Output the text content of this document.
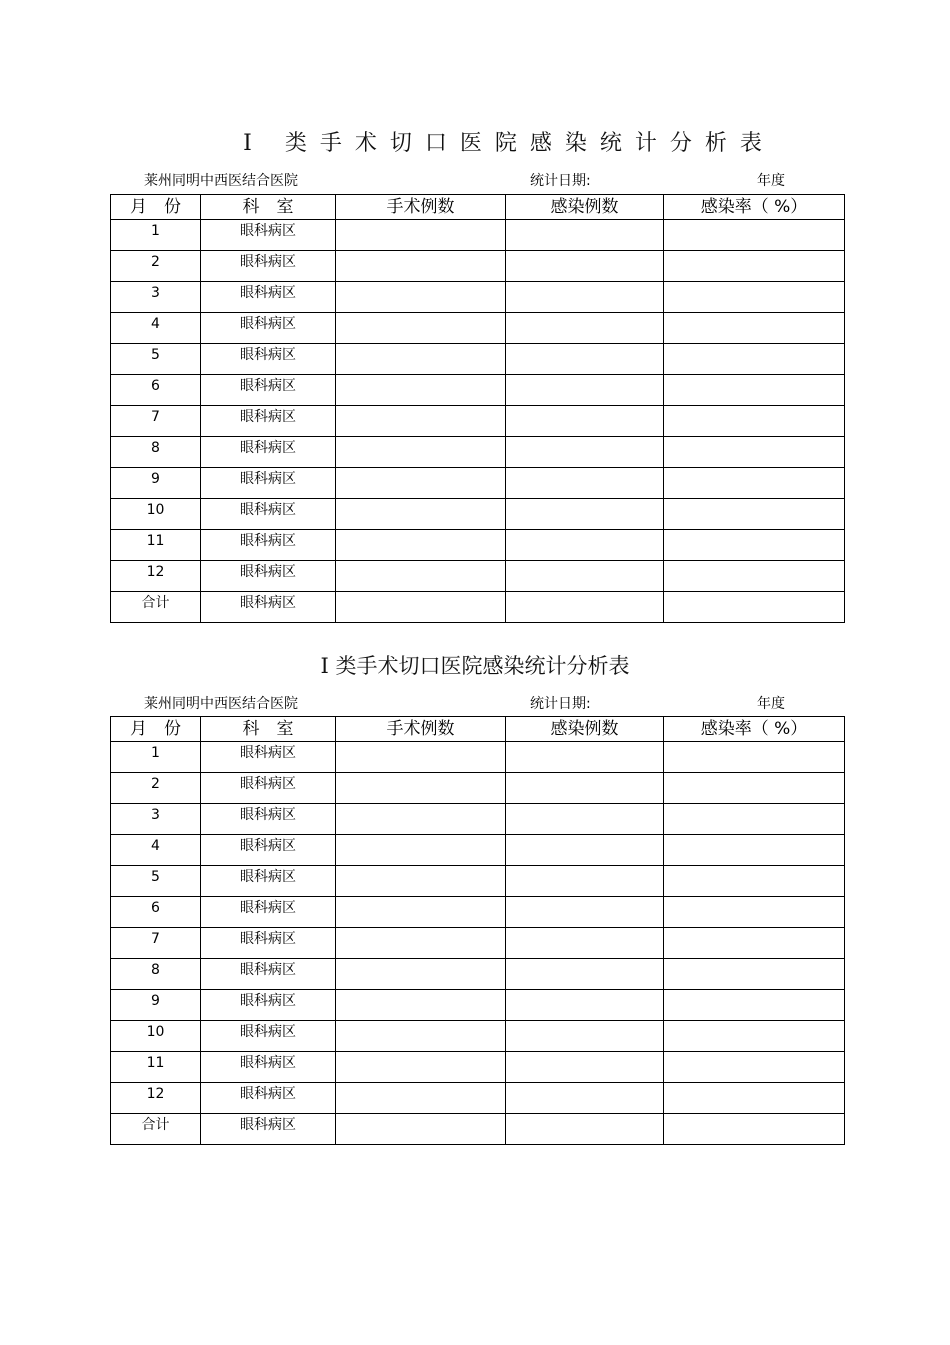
I 类手术切口医院感染统计分析表
莱州同明中西医结合医院	统计日期:	年度
月　份	科　室	手术例数	感染例数	感染率（ %）
1	眼科病区			
2	眼科病区			
3	眼科病区			
4	眼科病区			
5	眼科病区			
6	眼科病区			
7	眼科病区			
8	眼科病区			
9	眼科病区			
10	眼科病区			
11	眼科病区			
12	眼科病区			
合计	眼科病区			
I 类手术切口医院感染统计分析表
莱州同明中西医结合医院	统计日期:	年度
月　份	科　室	手术例数	感染例数	感染率（ %）
1	眼科病区			
2	眼科病区			
3	眼科病区			
4	眼科病区			
5	眼科病区			
6	眼科病区			
7	眼科病区			
8	眼科病区			
9	眼科病区			
10	眼科病区			
11	眼科病区			
12	眼科病区			
合计	眼科病区			
